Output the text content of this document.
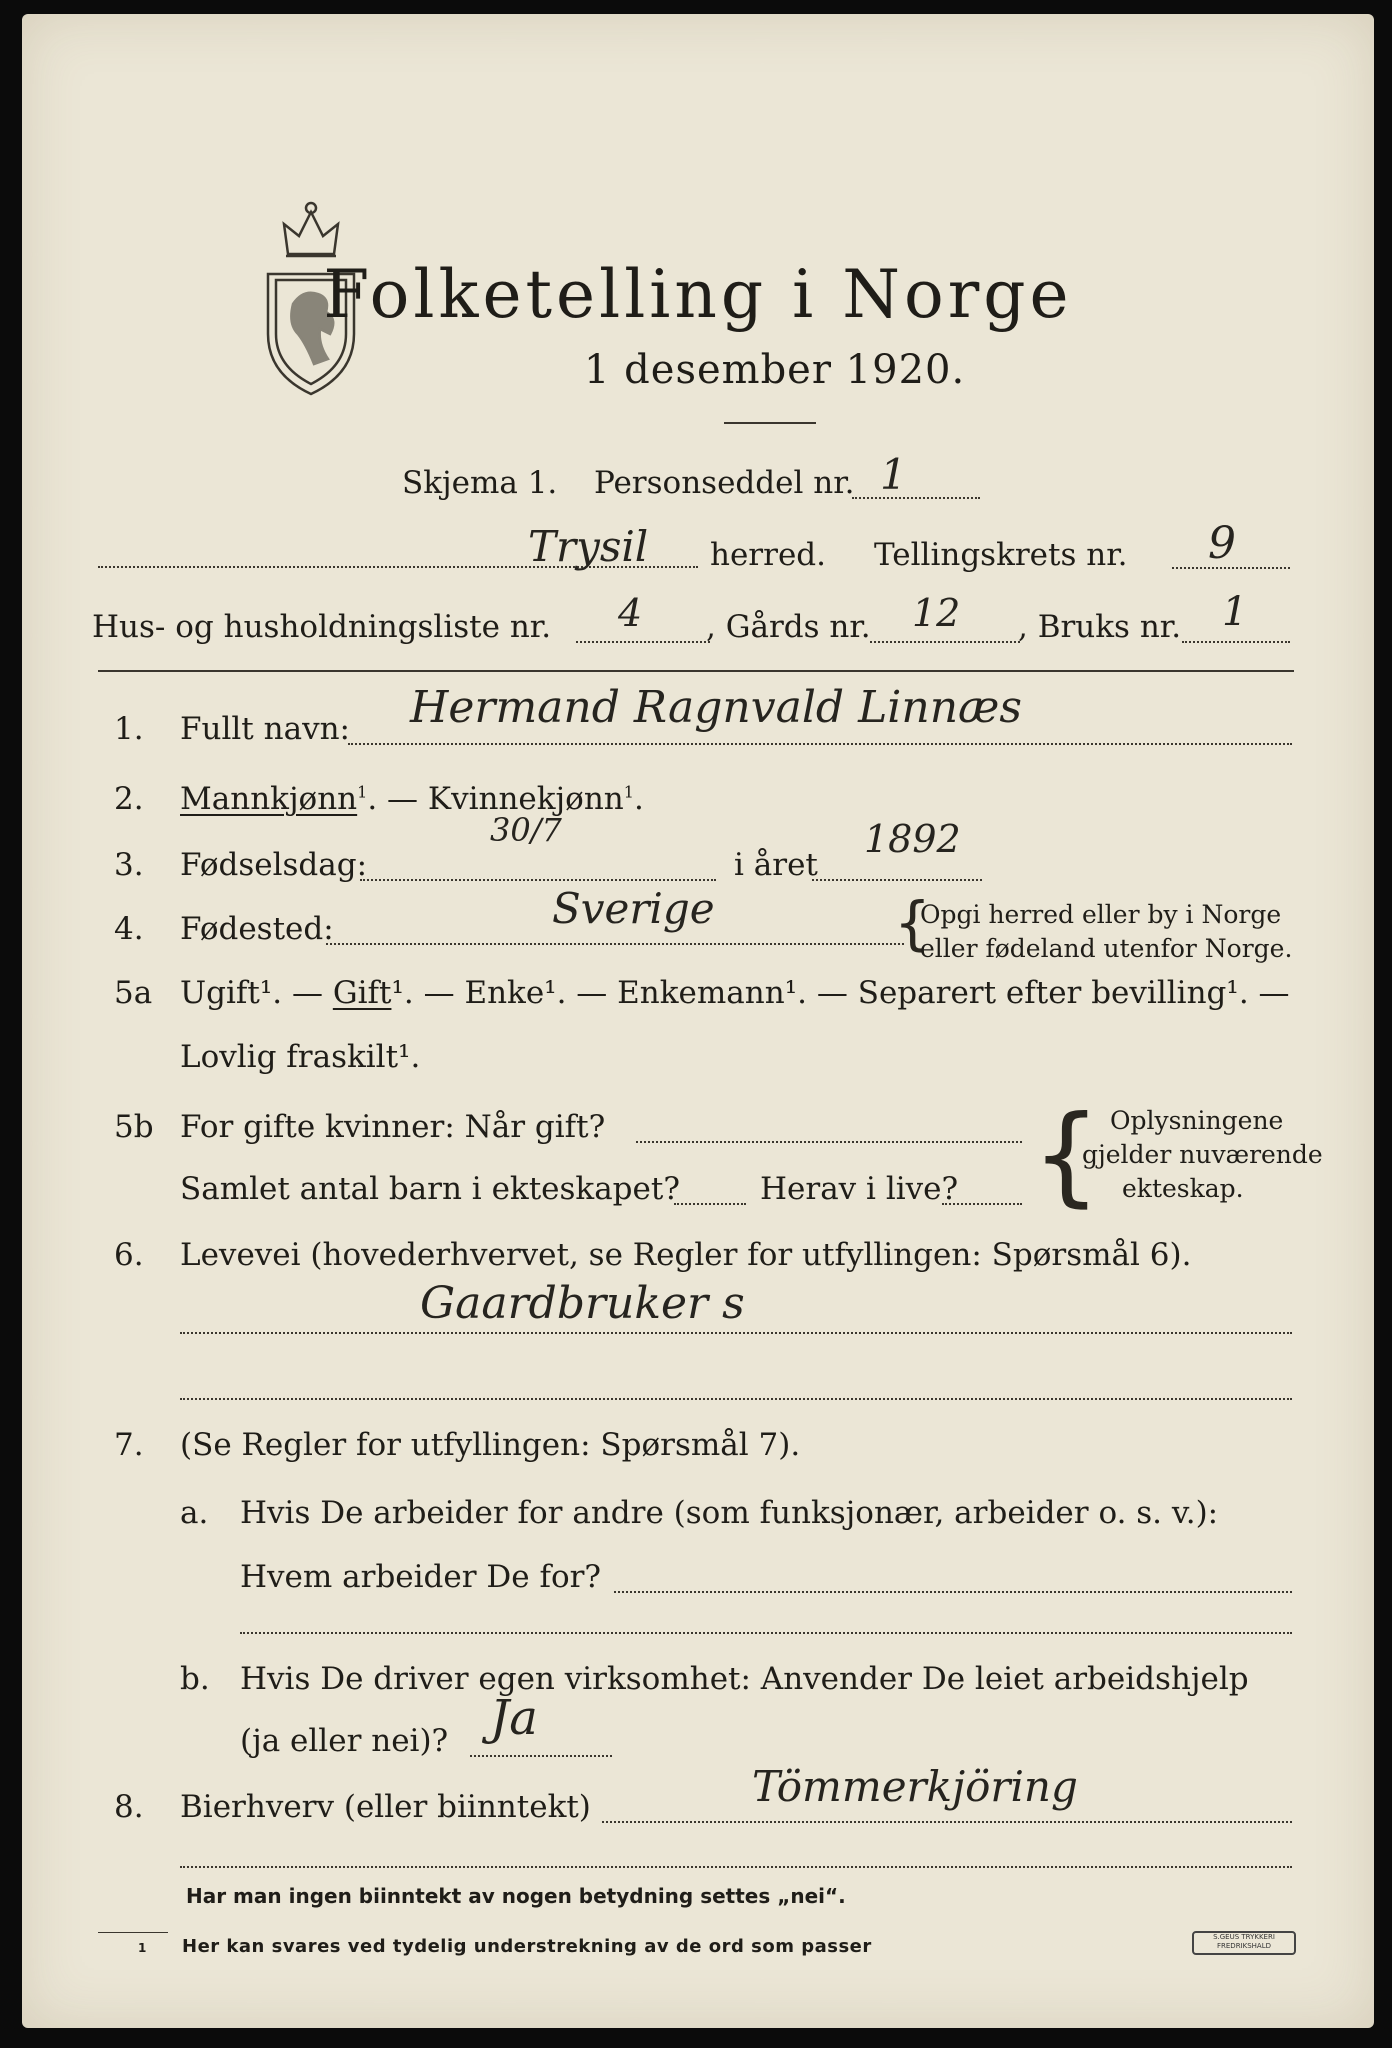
Folketelling i Norge
1 desember 1920.
Skjema 1. Personseddel nr. 1
Trysil herred. Tellingskrets nr. 9
Hus- og husholdningsliste nr. 4 , Gårds nr. 12 , Bruks nr. 1
1. Fullt navn: Hermand Ragnvald Linnæs
2. Mannkjønn$^1$. — Kvinnekjønn$^1$.
3. Fødselsdag:
30/7
i året
1892
4. Fødested:	Sverige	{
Opgi herred eller by i Norge
eller fødeland utenfor Norge.
5a Ugift¹. — Gift¹. — Enke¹. — Enkemann¹. — Separert efter bevilling¹. —
Lovlig fraskilt¹.
5b For gifte kvinner: Når gift?
Samlet antal barn i ekteskapet?	Herav i live? { Oplysningene
gjelder nuværende
ekteskap.
6. Levevei (hovederhvervet, se Regler for utfyllingen: Spørsmål 6).
Gaardbruker s
7. (Se Regler for utfyllingen: Spørsmål 7).
a. Hvis De arbeider for andre (som funksjonær, arbeider o. s. v.):
Hvem arbeider De for?
b. Hvis De driver egen virksomhet: Anvender De leiet arbeidshjelp
(ja eller nei)? Ja
8. Bierhverv (eller biinntekt)	Tömmerkjöring
Har man ingen biinntekt av nogen betydning settes „nei“.
1 Her kan svares ved tydelig understrekning av de ord som passer	S.GEUS TRYKKERI
FREDRIKSHALD
